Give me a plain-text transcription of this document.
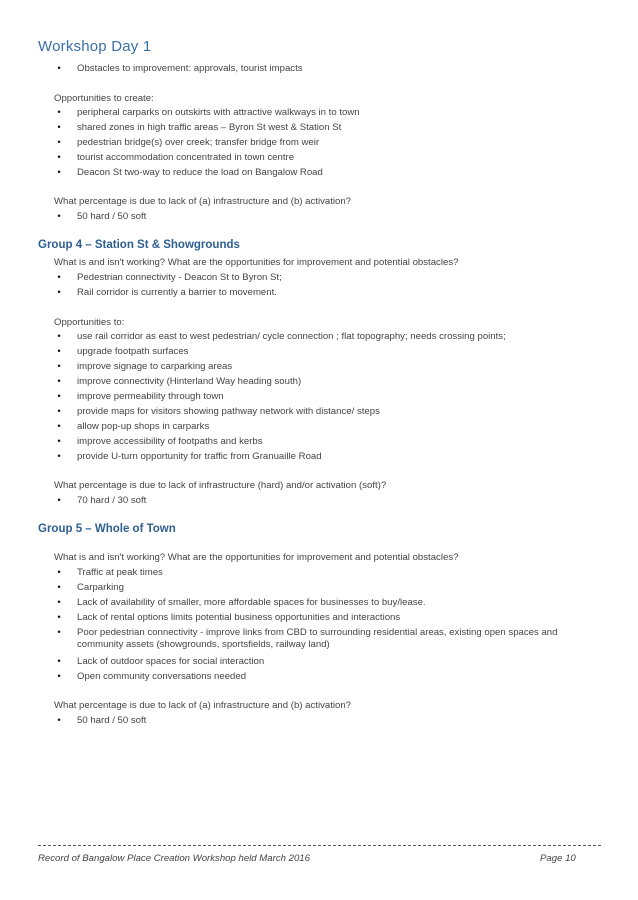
Workshop Day 1
•	Obstacles to improvement: approvals, tourist impacts
Opportunities to create:
•	peripheral carparks on outskirts with attractive walkways in to town
•	shared zones in high traffic areas – Byron St west & Station St
•	pedestrian bridge(s) over creek; transfer bridge from weir
•	tourist accommodation concentrated in town centre
•	Deacon St two-way to reduce the load on Bangalow Road
What percentage is due to lack of (a) infrastructure and (b) activation?
•	50 hard / 50 soft
Group 4 – Station St & Showgrounds
What is and isn't working? What are the opportunities for improvement and potential obstacles?
•	Pedestrian connectivity - Deacon St to Byron St;
•	Rail corridor is currently a barrier to movement.
Opportunities to:
•	use rail corridor as east to west pedestrian/ cycle connection ; flat topography; needs crossing points;
•	upgrade footpath surfaces
•	improve signage to carparking areas
•	improve connectivity (Hinterland Way heading south)
•	improve permeability through town
•	provide maps for visitors showing pathway network with distance/ steps
•	allow pop-up shops in carparks
•	improve accessibility of footpaths and kerbs
•	provide U-turn opportunity for traffic from Granuaille Road
What percentage is due to lack of infrastructure (hard) and/or activation (soft)?
•	70 hard / 30 soft
Group 5 – Whole of Town
What is and isn't working? What are the opportunities for improvement and potential obstacles?
•	Traffic at peak times
•	Carparking
•	Lack of availability of smaller, more affordable spaces for businesses to buy/lease.
•	Lack of rental options limits potential business opportunities and interactions
•	Poor pedestrian connectivity - improve links from CBD to surrounding residential areas, existing open spaces and community assets (showgrounds, sportsfields, railway land)
•	Lack of outdoor spaces for social interaction
•	Open community conversations needed
What percentage is due to lack of (a) infrastructure and (b) activation?
•	50 hard / 50 soft
Record of Bangalow Place Creation Workshop held March 2016	Page 10
